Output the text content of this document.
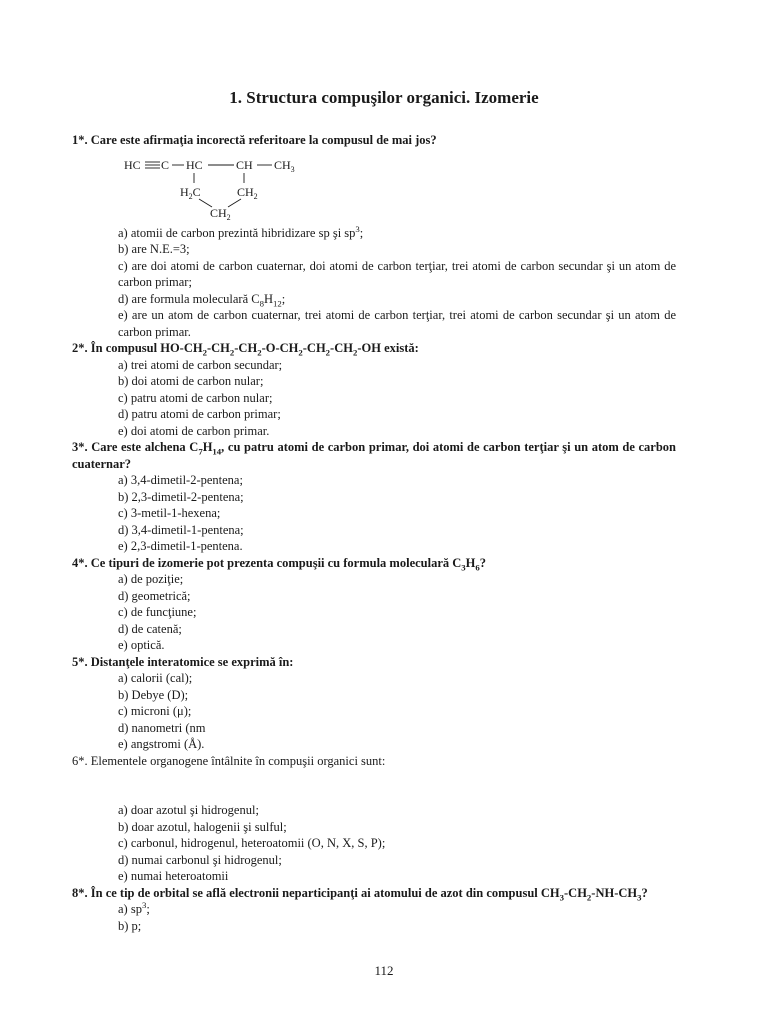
1. Structura compuşilor organici. Izomerie
1*. Care este afirmaţia incorectă referitoare la compusul de mai jos?
HC C HC	CH $CH_3$
$H_2C$	$CH_2$
$CH_2$
a) atomii de carbon prezintă hibridizare sp şi $sp^3$;
b) are N.E.=3;
c) are doi atomi de carbon cuaternar, doi atomi de carbon terţiar, trei atomi de carbon secundar şi un atom de carbon primar;
d) are formula moleculară $C_8H_{12}$;
e) are un atom de carbon cuaternar, trei atomi de carbon terţiar, trei atomi de carbon secundar şi un atom de carbon primar.
2*. În compusul $HO-CH_2-CH_2-CH_2-O-CH_2-CH_2-CH_2-OH$ există:
a) trei atomi de carbon secundar;
b) doi atomi de carbon nular;
c) patru atomi de carbon nular;
d) patru atomi de carbon primar;
e) doi atomi de carbon primar.
3*. Care este alchena $C_7H_{14}$, cu patru atomi de carbon primar, doi atomi de carbon terţiar şi un atom de carbon cuaternar?
a) 3,4-dimetil-2-pentena;
b) 2,3-dimetil-2-pentena;
c) 3-metil-1-hexena;
d) 3,4-dimetil-1-pentena;
e) 2,3-dimetil-1-pentena.
4*. Ce tipuri de izomerie pot prezenta compuşii cu formula moleculară $C_3H_6$?
a) de poziţie;
d) geometrică;
c) de funcţiune;
d) de catenă;
e) optică.
5*. Distanţele interatomice se exprimă în:
a) calorii (cal);
b) Debye (D);
c) microni (μ);
d) nanometri (nm
e) angstromi (Å).
6*. Elementele organogene întâlnite în compuşii organici sunt:
a) doar azotul şi hidrogenul;
b) doar azotul, halogenii şi sulful;
c) carbonul, hidrogenul, heteroatomii (O, N, X, S, P);
d) numai carbonul şi hidrogenul;
e) numai heteroatomii
8*. În ce tip de orbital se află electronii neparticipanţi ai atomului de azot din compusul $CH_3-CH_2-NH-CH_3$?
a) $sp^3$;
b) p;
112
